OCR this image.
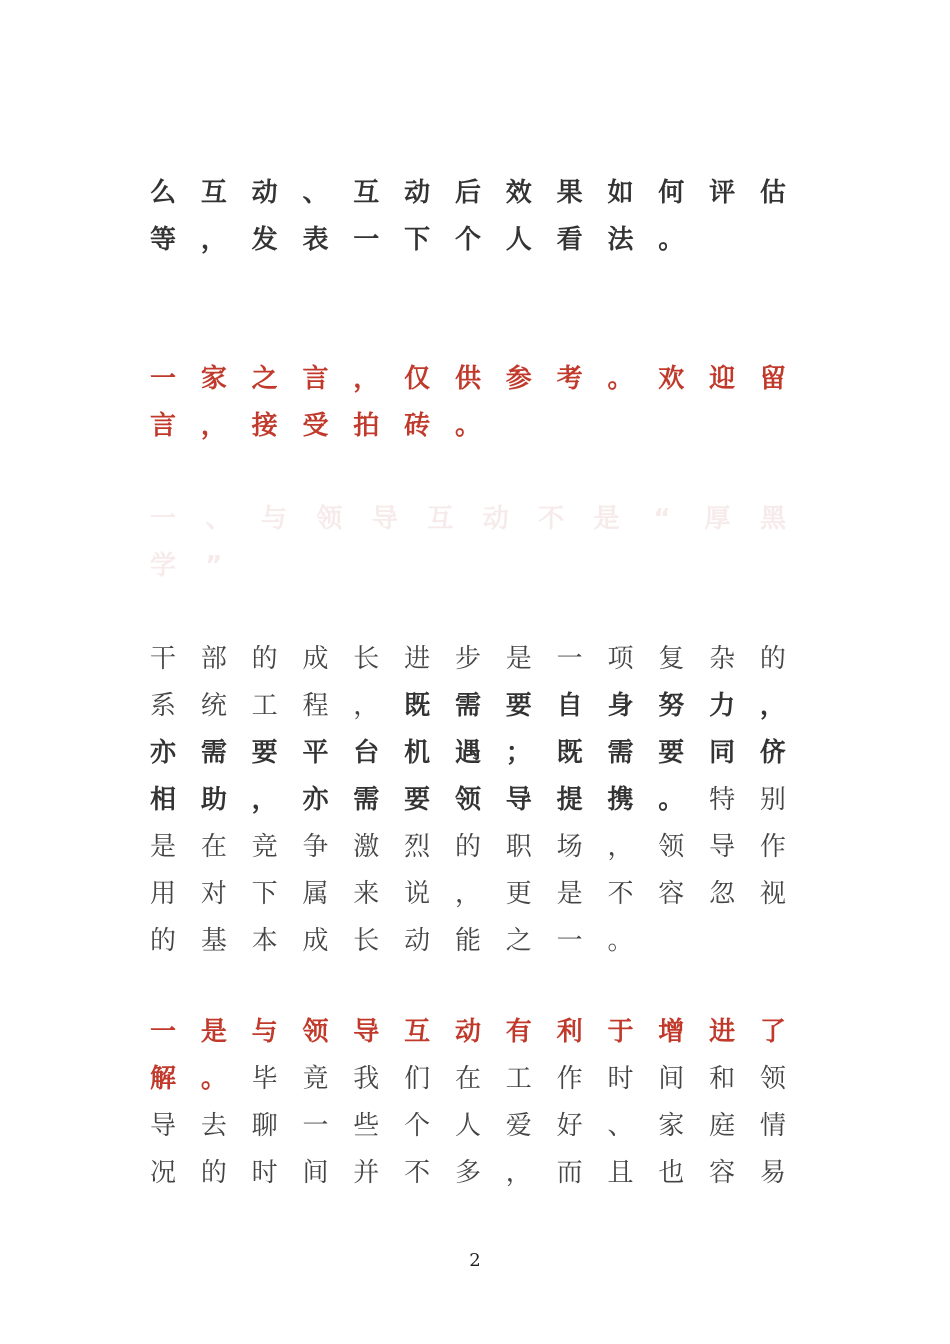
么 互 动 、 互 动 后 效 果 如 何 评 估
等 ， 发 表 一 下 个 人 看 法 。
一 家 之 言 ， 仅 供 参 考 。 欢 迎 留
言 ， 接 受 拍 砖 。
一 、 与 领 导 互 动 不 是 “ 厚 黑
学 ”
干 部 的 成 长 进 步 是 一 项 复 杂 的
系 统 工 程 ， 既 需 要 自 身 努 力 ，
亦 需 要 平 台 机 遇 ； 既 需 要 同 侪
相 助 ， 亦 需 要 领 导 提 携 。 特 别
是 在 竞 争 激 烈 的 职 场 ， 领 导 作
用 对 下 属 来 说 ， 更 是 不 容 忽 视
的 基 本 成 长 动 能 之 一 。
一 是 与 领 导 互 动 有 利 于 增 进 了
解 。 毕 竟 我 们 在 工 作 时 间 和 领
导 去 聊 一 些 个 人 爱 好 、 家 庭 情
况 的 时 间 并 不 多 ， 而 且 也 容 易
2
